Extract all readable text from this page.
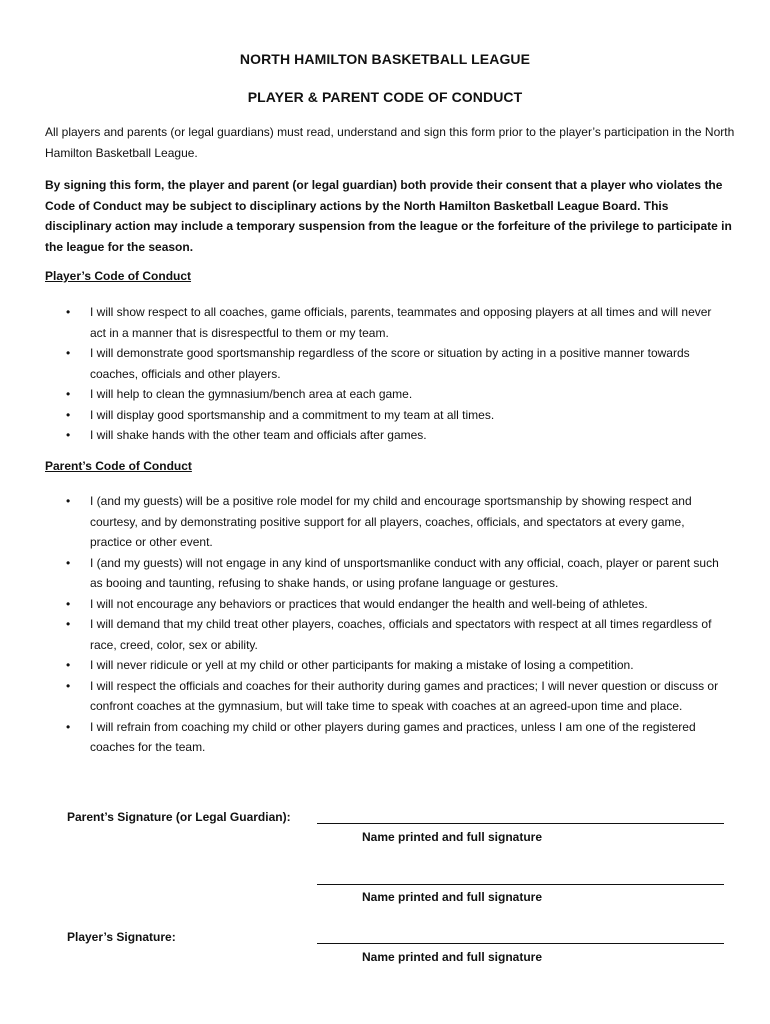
NORTH HAMILTON BASKETBALL LEAGUE
PLAYER & PARENT CODE OF CONDUCT
All players and parents (or legal guardians) must read, understand and sign this form prior to the player’s participation in the North Hamilton Basketball League.
By signing this form, the player and parent (or legal guardian) both provide their consent that a player who violates the Code of Conduct may be subject to disciplinary actions by the North Hamilton Basketball League Board. This disciplinary action may include a temporary suspension from the league or the forfeiture of the privilege to participate in the league for the season.
Player’s Code of Conduct
• I will show respect to all coaches, game officials, parents, teammates and opposing players at all times and will never act in a manner that is disrespectful to them or my team.
• I will demonstrate good sportsmanship regardless of the score or situation by acting in a positive manner towards coaches, officials and other players.
• I will help to clean the gymnasium/bench area at each game.
• I will display good sportsmanship and a commitment to my team at all times.
• I will shake hands with the other team and officials after games.
Parent’s Code of Conduct
• I (and my guests) will be a positive role model for my child and encourage sportsmanship by showing respect and courtesy, and by demonstrating positive support for all players, coaches, officials, and spectators at every game, practice or other event.
• I (and my guests) will not engage in any kind of unsportsmanlike conduct with any official, coach, player or parent such as booing and taunting, refusing to shake hands, or using profane language or gestures.
• I will not encourage any behaviors or practices that would endanger the health and well-being of athletes.
• I will demand that my child treat other players, coaches, officials and spectators with respect at all times regardless of race, creed, color, sex or ability.
• I will never ridicule or yell at my child or other participants for making a mistake of losing a competition.
• I will respect the officials and coaches for their authority during games and practices; I will never question or discuss or confront coaches at the gymnasium, but will take time to speak with coaches at an agreed-upon time and place.
• I will refrain from coaching my child or other players during games and practices, unless I am one of the registered coaches for the team.
Parent’s Signature (or Legal Guardian):
Name printed and full signature
Name printed and full signature
Player’s Signature:
Name printed and full signature
